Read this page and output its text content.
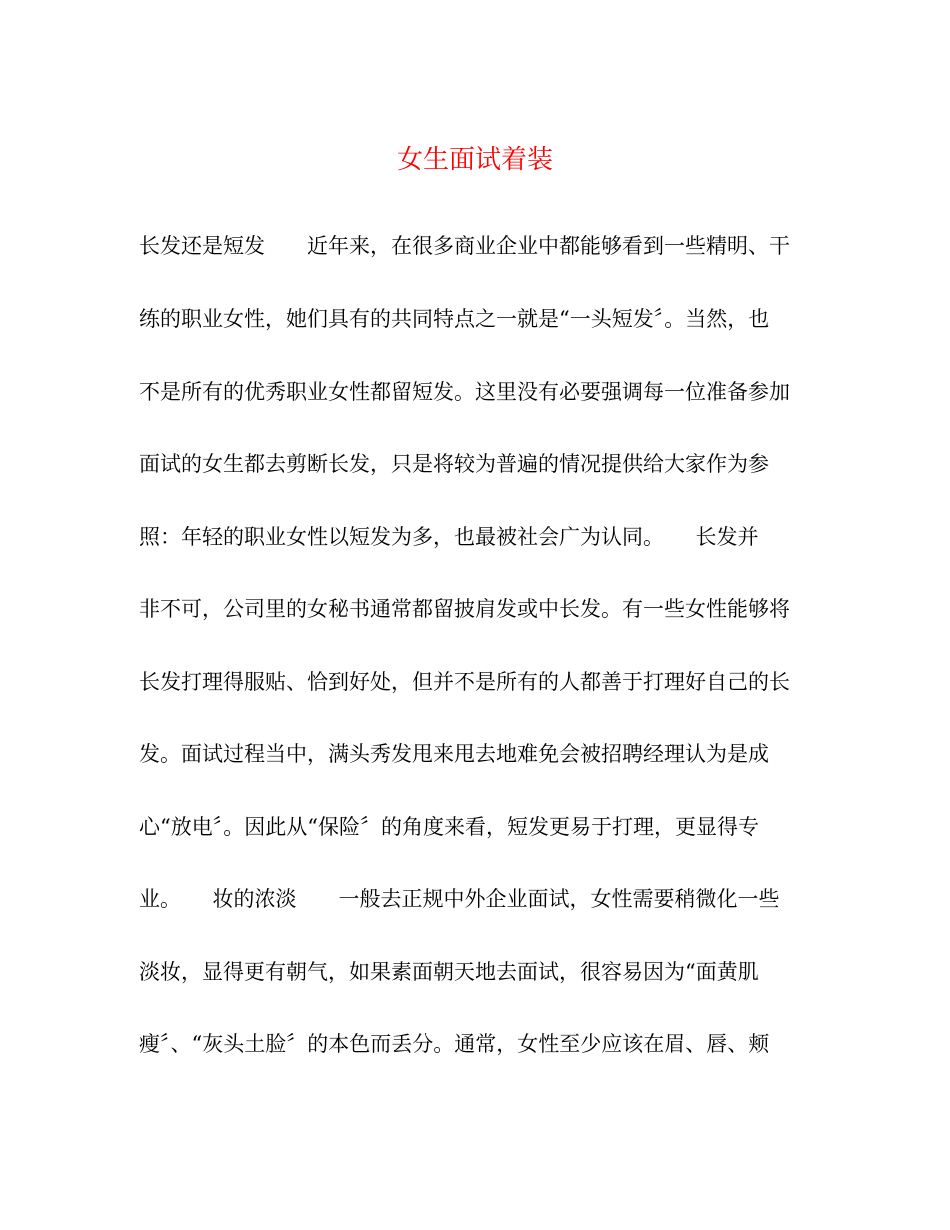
女生面试着装

长发还是短发　　近年来，在很多商业企业中都能够看到一些精明、干

练的职业女性，她们具有的共同特点之一就是“一头短发〞。当然，也

不是所有的优秀职业女性都留短发。这里没有必要强调每一位准备参加

面试的女生都去剪断长发，只是将较为普遍的情况提供给大家作为参

照：年轻的职业女性以短发为多，也最被社会广为认同。　　长发并

非不可，公司里的女秘书通常都留披肩发或中长发。有一些女性能够将

长发打理得服贴、恰到好处，但并不是所有的人都善于打理好自己的长

发。面试过程当中，满头秀发甩来甩去地难免会被招聘经理认为是成

心“放电〞。因此从“保险〞的角度来看，短发更易于打理，更显得专

业。　　妆的浓淡　　一般去正规中外企业面试，女性需要稍微化一些

淡妆，显得更有朝气，如果素面朝天地去面试，很容易因为“面黄肌

瘦〞、“灰头土脸〞的本色而丢分。通常，女性至少应该在眉、唇、颊
